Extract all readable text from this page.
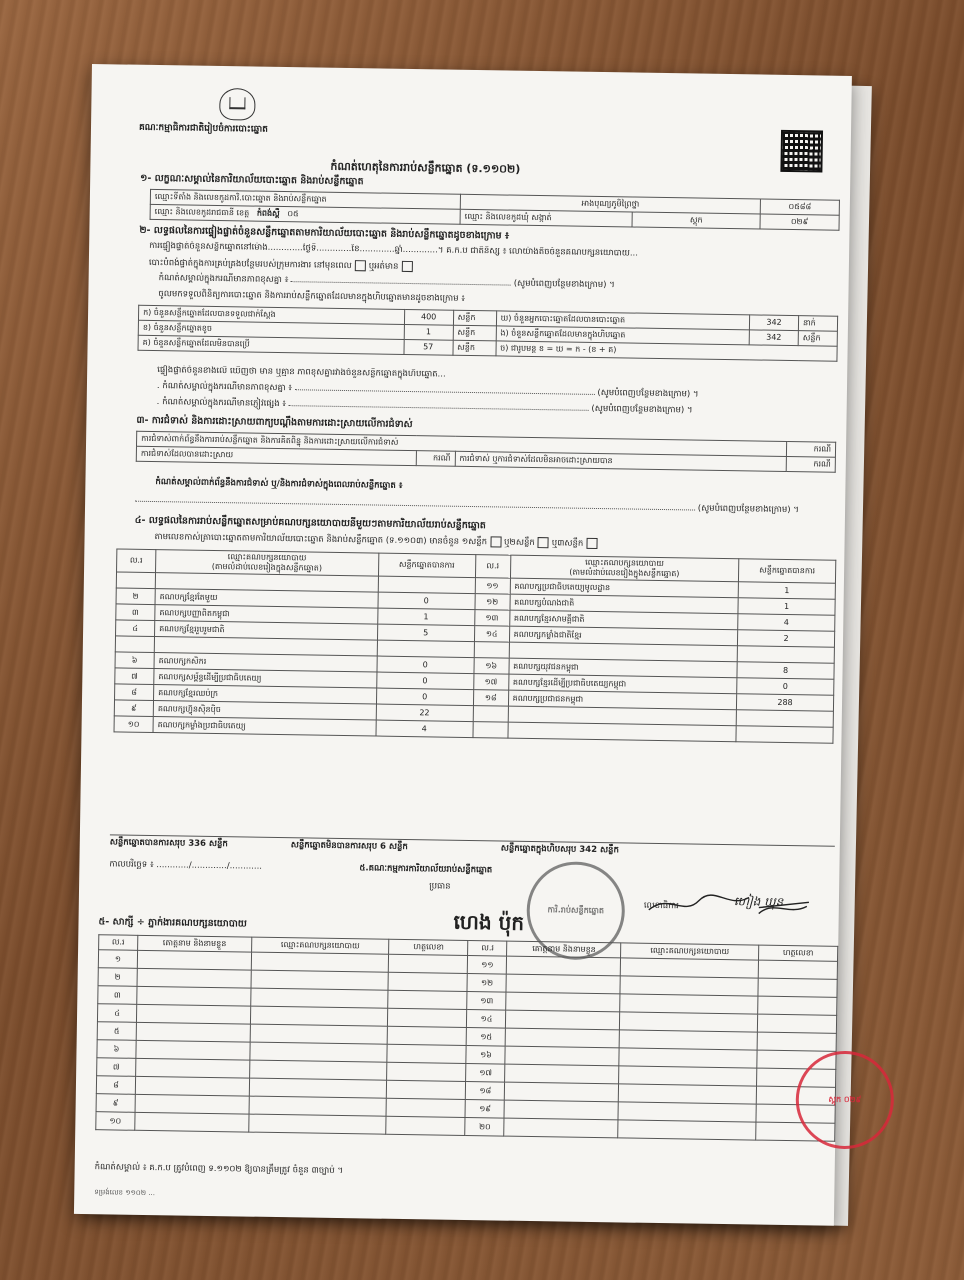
គណៈកម្មាធិការជាតិរៀបចំការបោះឆ្នោត
កំណត់ហេតុនៃការរាប់សន្លឹកឆ្នោត (ទ.១១០២)
១- លក្ខណៈសម្គាល់នៃការិយាល័យបោះឆ្នោត និងរាប់សន្លឹកឆ្នោត
ឈ្មោះទីតាំង និងលេខកូដការិ.បោះឆ្នោត និងរាប់សន្លឹកឆ្នោត	អាងបុណ្យភូមិព្រៃថ្នា		០៥៨៨
ឈ្មោះ និងលេខកូដរាជធានី ខេត្ត កំពង់ស្ពឺ ០៥	ឈ្មោះ និងលេខកូដឃុំ សង្កាត់	ស្តុក	០២៩
២- លទ្ធផលនៃការផ្ទៀងផ្ទាត់ចំនួនសន្លឹកឆ្នោតតាមការិយាល័យបោះឆ្នោត និងរាប់សន្លឹកឆ្នោតដូចខាងក្រោម ៖
ការផ្ទៀងផ្ទាត់ចំនួនសន្លឹកឆ្នោតនៅម៉ោង.............ថ្ងៃទី.............ខែ.............ឆ្នាំ.............។ គ.ក.ប ជាតិនិស្ស ៖ លោយ៉ាងតិចចំនួនគណបក្សនយោបាយ...
បោះបំពង់ផ្ទាត់ក្នុងការគ្រប់គ្រងបន្ថែមរបស់ក្រុមការងារ នៅមុនពេល ឬអត់មាន
កំណត់សម្គាល់ក្នុងករណីមានភាពខុសគ្នា ៖	(សូមបំពេញបន្ថែមខាងក្រោម) ។
ចូលមកទទួលពិនិត្យការបោះឆ្នោត និងការរាប់សន្លឹកឆ្នោតដែលមានក្នុងហិបឆ្នោតមានដូចខាងក្រោម ៖
ក) ចំនួនសន្លឹកឆ្នោតដែលបានទទួលជាក់ស្តែង	400	សន្លឹក	ឃ) ចំនួនអ្នកបោះឆ្នោតដែលបានបោះឆ្នោត	342	នាក់
ខ) ចំនួនសន្លឹកឆ្នោតខូច	1	សន្លឹក	ង) ចំនួនសន្លឹកឆ្នោតដែលមានក្នុងហិបឆ្នោត	342	សន្លឹក
គ) ចំនួនសន្លឹកឆ្នោតដែលមិនបានប្រើ	57	សន្លឹក	ច) ជារូបមន្ត ខ = ឃ = ក - (ខ + គ)		
ផ្ទៀងផ្ទាត់ចំនួនខាងលើ ឃើញថា មាន ឬគ្មាន ភាពខុសគ្នារវាងចំនួនសន្លឹកឆ្នោតក្នុងហិបឆ្នោត...
. កំណត់សម្គាល់ក្នុងករណីមានភាពខុសគ្នា ៖  (សូមបំពេញបន្ថែមខាងក្រោម) ។
. កំណត់សម្គាល់ក្នុងករណីមានភ្ញៀវផ្សេង ៖  (សូមបំពេញបន្ថែមខាងក្រោម) ។
៣- ការជំទាស់ និងការដោះស្រាយពាក្យបណ្តឹងតាមការដោះស្រាយលើការជំទាស់
ការជំទាស់ពាក់ព័ន្ធនឹងការរាប់សន្លឹកឆ្នោត និងការគិតពិន្ទុ និងការដោះស្រាយលើការជំទាស់			ករណី
ការជំទាស់ដែលបានដោះស្រាយ	ករណី	ការជំទាស់ ឬការជំទាស់ដែលមិនអាចដោះស្រាយបាន	ករណី
កំណត់សម្គាល់ពាក់ព័ន្ធនឹងការជំទាស់ ឬ/និងការជំទាស់ក្នុងពេលរាប់សន្លឹកឆ្នោត ៖
(សូមបំពេញបន្ថែមខាងក្រោម) ។
៤- លទ្ធផលនៃការរាប់សន្លឹកឆ្នោតសម្រាប់គណបក្សនយោបាយនីមួយៗតាមការិយាល័យរាប់សន្លឹកឆ្នោត
តាមលេខកាស់ត្រាបោះឆ្នោតតាមការិយាល័យបោះឆ្នោត និងរាប់សន្លឹកឆ្នោត (ទ.១១០៣) មានចំនួន ១សន្លឹក ឬ២សន្លឹក ឬ៣សន្លឹក
ល.រ	ឈ្មោះគណបក្សនយោបាយ
(តាមលំដាប់លេខរៀងក្នុងសន្លឹកឆ្នោត)	សន្លឹកឆ្នោតបានការ	ល.រ	ឈ្មោះគណបក្សនយោបាយ
(តាមលំដាប់លេខរៀងក្នុងសន្លឹកឆ្នោត)	សន្លឹកឆ្នោតបានការ
			១១	គណបក្សប្រជាធិបតេយ្យមូលដ្ឋាន	1
២	គណបក្សខ្មែរតែមួយ	0	១២	គណបក្សបំណងជាតិ	1
៣	គណបក្សបញ្ញាពិតកម្ពុជា	1	១៣	គណបក្សខ្មែរសាមគ្គីជាតិ	4
៤	គណបក្សខ្មែររួបរួមជាតិ	5	១៤	គណបក្សកម្លាំងជាតិខ្មែរ	2

៦	គណបក្សកសិករ	0	១៦	គណបក្សយុវជនកម្ពុជា	8
៧	គណបក្សសម្ព័ន្ធដើម្បីប្រជាធិបតេយ្យ	0	១៧	គណបក្សខ្មែរដើម្បីប្រជាធិបតេយ្យកម្ពុជា	0
៨	គណបក្សខ្មែរឈប់ក្រ	0	១៨	គណបក្សប្រជាជនកម្ពុជា	288
៩	គណបក្សហ៊្វុនស៊ិនប៉ិច	22			
១០	គណបក្សកម្លាំងប្រជាធិបតេយ្យ	4			
សន្លឹកឆ្នោតបានការសរុប 336 សន្លឹក	សន្លឹកឆ្នោតមិនបានការសរុប 6 សន្លឹក	សន្លឹកឆ្នោតក្នុងហិបសរុប 342 សន្លឹក
កាលបរិច្ឆេទ ៖ ............/............./............	៥.គណៈកម្មការការិយាល័យរាប់សន្លឹកឆ្នោត
ប្រធាន
លេខាធិការ
ការិ.រាប់សន្លឹកឆ្នោត
ហៀង ឃុន
៥- សាក្សី ÷ ភ្នាក់ងារគណបក្សនយោបាយ	ហេង ប៉ុក
ល.រ	គោត្តនាម និងនាមខ្លួន	ឈ្មោះគណបក្សនយោបាយ	ហត្ថលេខា	ល.រ	គោត្តនាម និងនាមខ្លួន	ឈ្មោះគណបក្សនយោបាយ	ហត្ថលេខា
១				១១			
២				១២			
៣				១៣			
៤				១៤			
៥				១៥			
៦				១៦			
៧				១៧			
៨				១៨			
៩				១៩			
១០				២០			
ស្តុក ០២៩
កំណត់សម្គាល់ ៖ គ.ក.ប ត្រូវបំពេញ ទ.១១០២ ឱ្យបានត្រឹមត្រូវ ចំនួន ៣ច្បាប់ ។
ទម្រង់លេខ ១១០២ ...
